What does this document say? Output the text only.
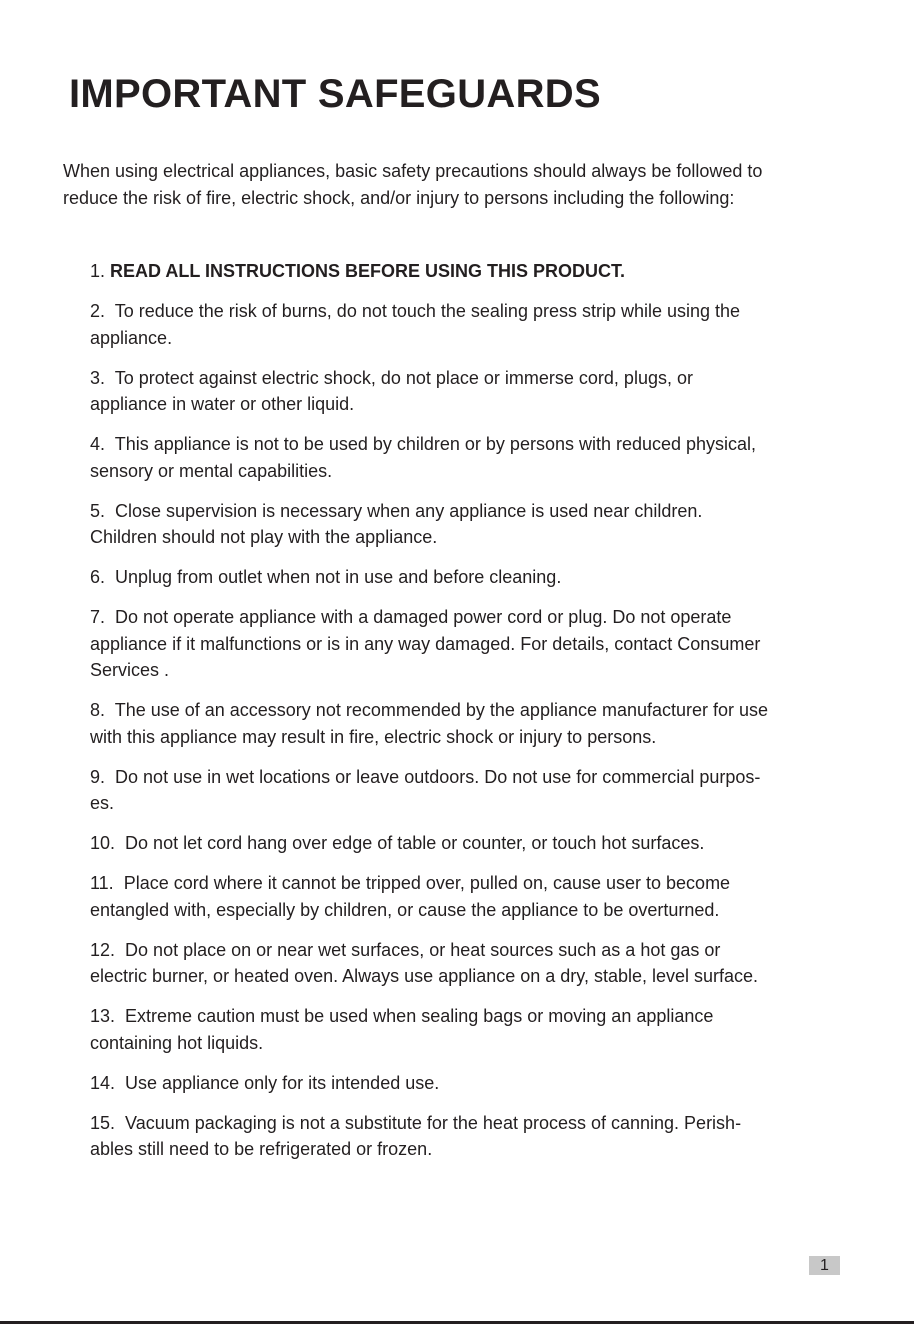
IMPORTANT SAFEGUARDS
When using electrical appliances, basic safety precautions should always be followed to
reduce the risk of fire, electric shock, and/or injury to persons including the following:
1. READ ALL INSTRUCTIONS BEFORE USING THIS PRODUCT.
2. To reduce the risk of burns, do not touch the sealing press strip while using the
appliance.
3. To protect against electric shock, do not place or immerse cord, plugs, or
appliance in water or other liquid.
4. This appliance is not to be used by children or by persons with reduced physical,
sensory or mental capabilities.
5. Close supervision is necessary when any appliance is used near children.
Children should not play with the appliance.
6. Unplug from outlet when not in use and before cleaning.
7. Do not operate appliance with a damaged power cord or plug. Do not operate
appliance if it malfunctions or is in any way damaged. For details, contact Consumer
Services .
8. The use of an accessory not recommended by the appliance manufacturer for use
with this appliance may result in fire, electric shock or injury to persons.
9. Do not use in wet locations or leave outdoors. Do not use for commercial purpos-
es.
10. Do not let cord hang over edge of table or counter, or touch hot surfaces.
11. Place cord where it cannot be tripped over, pulled on, cause user to become
entangled with, especially by children, or cause the appliance to be overturned.
12. Do not place on or near wet surfaces, or heat sources such as a hot gas or
electric burner, or heated oven. Always use appliance on a dry, stable, level surface.
13. Extreme caution must be used when sealing bags or moving an appliance
containing hot liquids.
14. Use appliance only for its intended use.
15. Vacuum packaging is not a substitute for the heat process of canning. Perish-
ables still need to be refrigerated or frozen.
1
